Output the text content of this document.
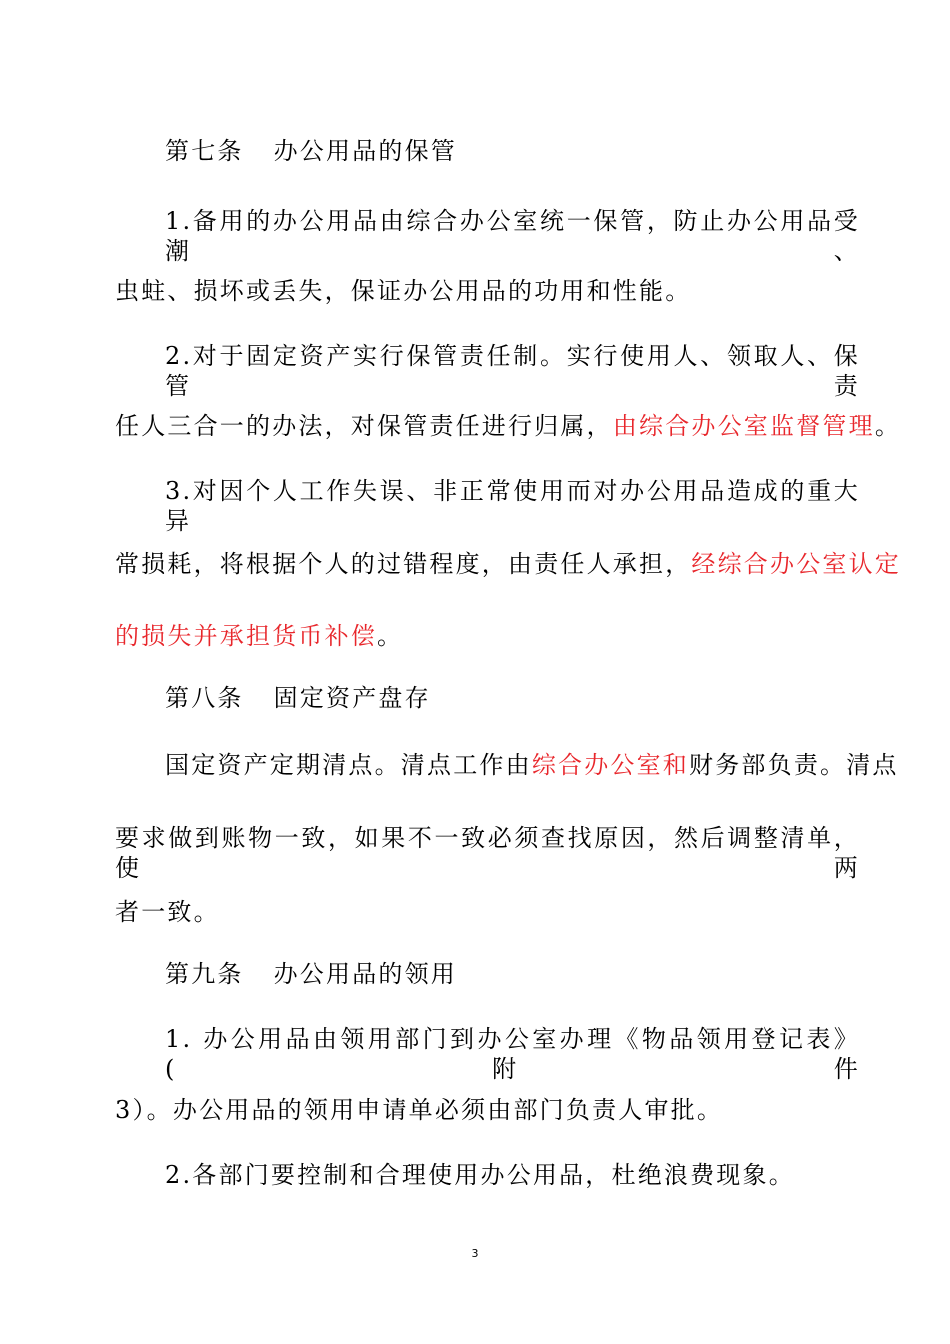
第七条 办公用品的保管
1.备用的办公用品由综合办公室统一保管，防止办公用品受潮、
虫蛀、损坏或丢失，保证办公用品的功用和性能。
2.对于固定资产实行保管责任制。实行使用人、领取人、保管责
任人三合一的办法，对保管责任进行归属，由综合办公室监督管理。
3.对因个人工作失误、非正常使用而对办公用品造成的重大异
常损耗，将根据个人的过错程度，由责任人承担，经综合办公室认定
的损失并承担货币补偿。
第八条 固定资产盘存
国定资产定期清点。清点工作由综合办公室和财务部负责。清点
要求做到账物一致，如果不一致必须查找原因，然后调整清单，使两
者一致。
第九条 办公用品的领用
1. 办公用品由领用部门到办公室办理《物品领用登记表》(附件
3）。办公用品的领用申请单必须由部门负责人审批。
2.各部门要控制和合理使用办公用品，杜绝浪费现象。
3
